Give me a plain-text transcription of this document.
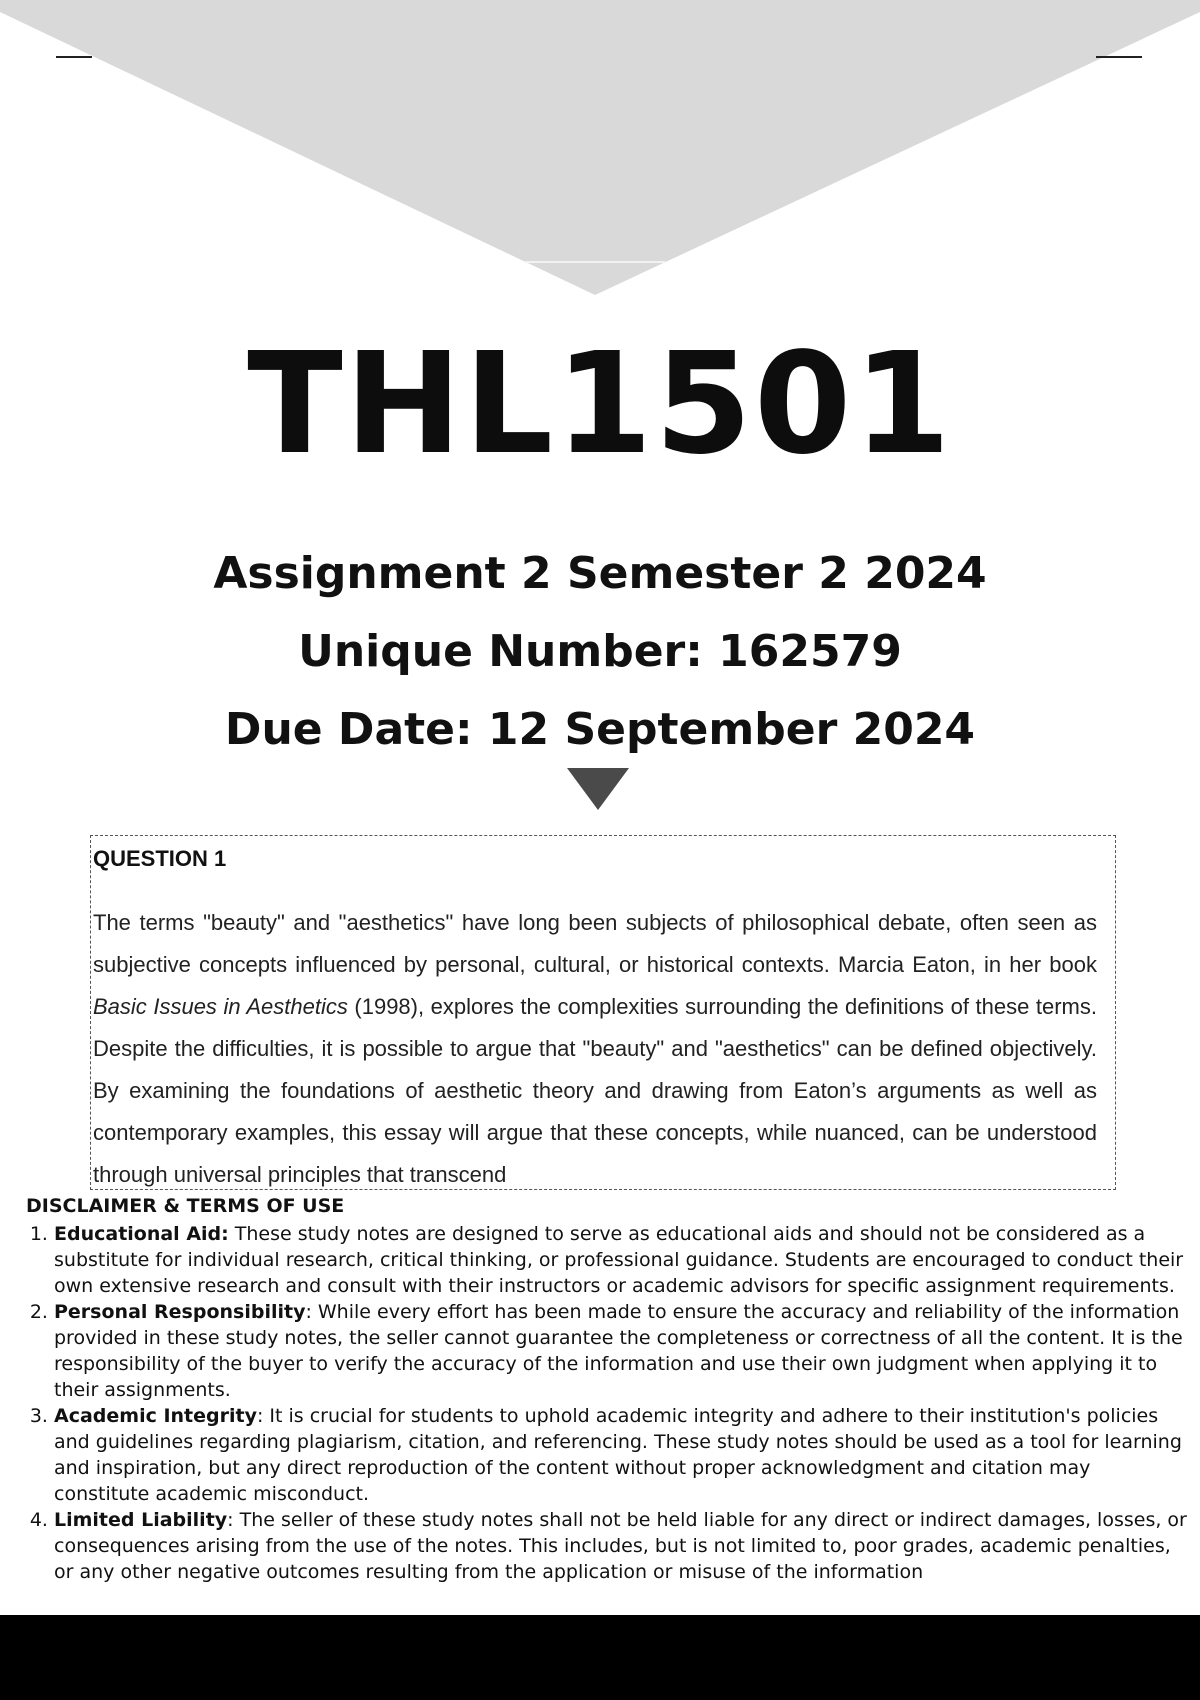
THL1501
Assignment 2 Semester 2 2024
Unique Number: 162579
Due Date: 12 September 2024
QUESTION 1

The terms "beauty" and "aesthetics" have long been subjects of philosophical debate, often seen as subjective concepts influenced by personal, cultural, or historical contexts. Marcia Eaton, in her book Basic Issues in Aesthetics (1998), explores the complexities surrounding the definitions of these terms. Despite the difficulties, it is possible to argue that "beauty" and "aesthetics" can be defined objectively. By examining the foundations of aesthetic theory and drawing from Eaton’s arguments as well as contemporary examples, this essay will argue that these concepts, while nuanced, can be understood through universal principles that transcend

DISCLAIMER & TERMS OF USE
1. Educational Aid: These study notes are designed to serve as educational aids and should not be considered as a substitute for individual research, critical thinking, or professional guidance. Students are encouraged to conduct their own extensive research and consult with their instructors or academic advisors for specific assignment requirements.
2. Personal Responsibility: While every effort has been made to ensure the accuracy and reliability of the information provided in these study notes, the seller cannot guarantee the completeness or correctness of all the content. It is the responsibility of the buyer to verify the accuracy of the information and use their own judgment when applying it to their assignments.
3. Academic Integrity: It is crucial for students to uphold academic integrity and adhere to their institution's policies and guidelines regarding plagiarism, citation, and referencing. These study notes should be used as a tool for learning and inspiration, but any direct reproduction of the content without proper acknowledgment and citation may constitute academic misconduct.
4. Limited Liability: The seller of these study notes shall not be held liable for any direct or indirect damages, losses, or consequences arising from the use of the notes. This includes, but is not limited to, poor grades, academic penalties, or any other negative outcomes resulting from the application or misuse of the information
